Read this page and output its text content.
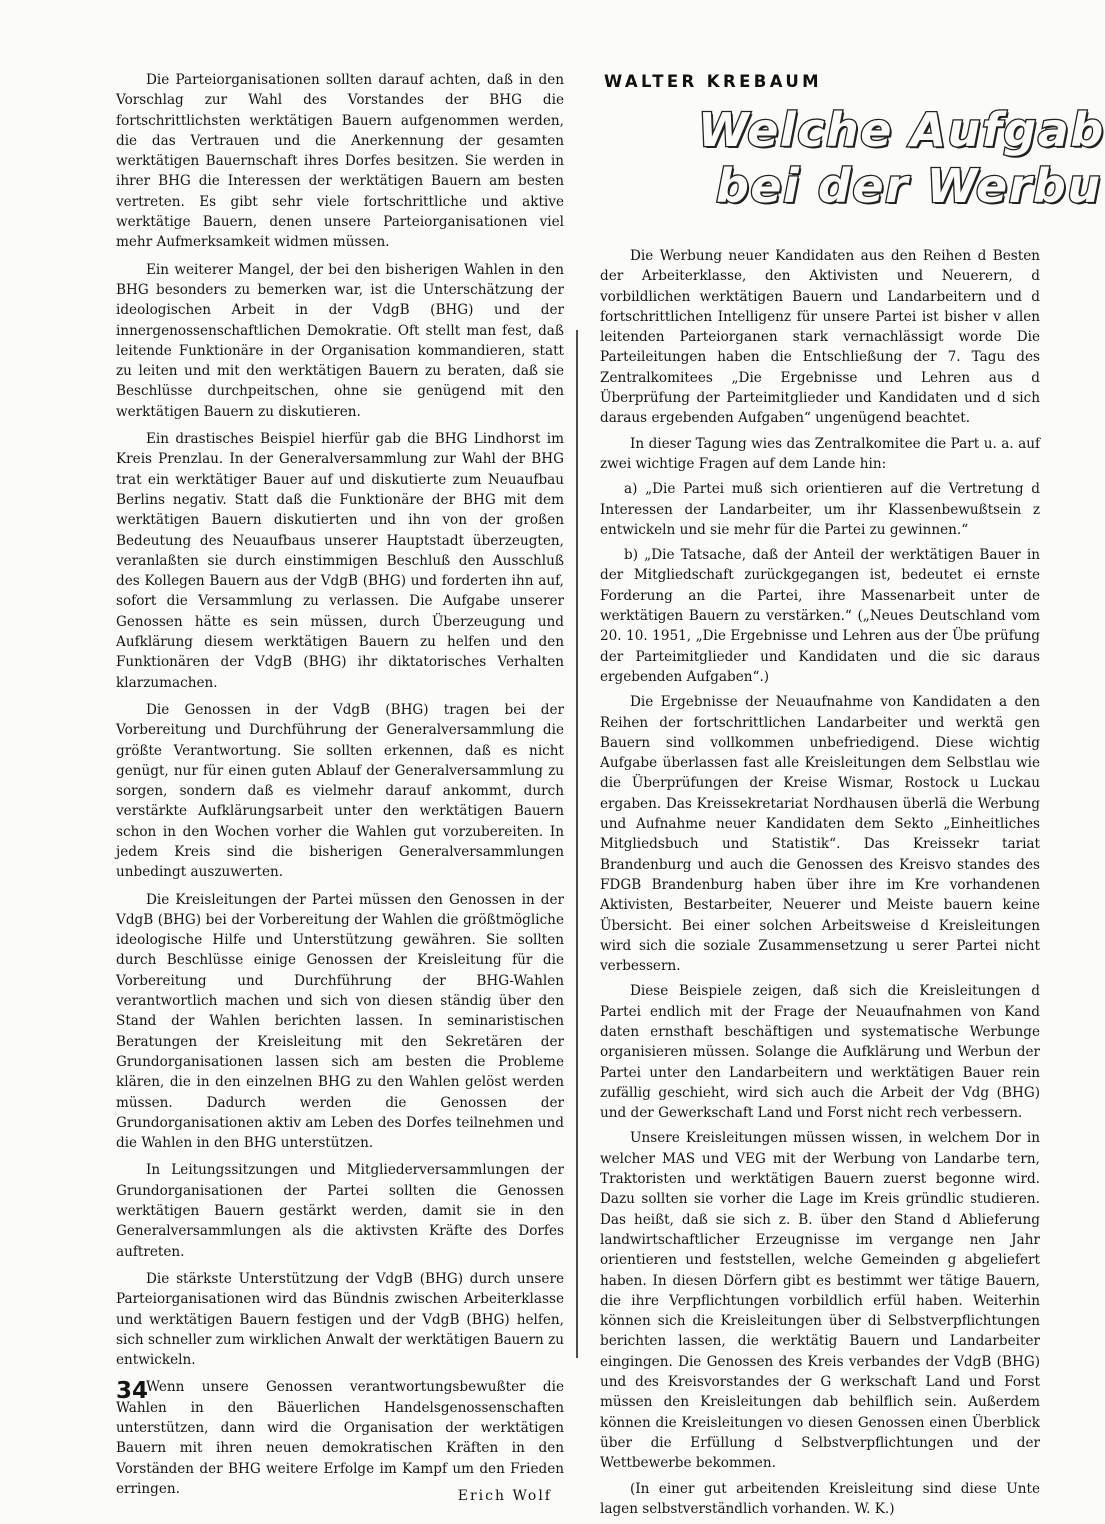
Die Parteiorganisationen sollten darauf achten, daß in den Vorschlag zur Wahl des Vorstandes der BHG die fortschrittlichsten werktätigen Bauern aufgenommen werden, die das Vertrauen und die Anerkennung der gesamten werktätigen Bauernschaft ihres Dorfes besitzen. Sie werden in ihrer BHG die Interessen der werktätigen Bauern am besten vertreten. Es gibt sehr viele fortschrittliche und aktive werktätige Bauern, denen unsere Parteiorganisationen viel mehr Aufmerksamkeit widmen müssen.

Ein weiterer Mangel, der bei den bisherigen Wahlen in den BHG besonders zu bemerken war, ist die Unterschätzung der ideologischen Arbeit in der VdgB (BHG) und der innergenossenschaftlichen Demokratie. Oft stellt man fest, daß leitende Funktionäre in der Organisation kommandieren, statt zu leiten und mit den werktätigen Bauern zu beraten, daß sie Beschlüsse durchpeitschen, ohne sie genügend mit den werktätigen Bauern zu diskutieren.

Ein drastisches Beispiel hierfür gab die BHG Lindhorst im Kreis Prenzlau. In der Generalversammlung zur Wahl der BHG trat ein werktätiger Bauer auf und diskutierte zum Neuaufbau Berlins negativ. Statt daß die Funktionäre der BHG mit dem werktätigen Bauern diskutierten und ihn von der großen Bedeutung des Neuaufbaus unserer Hauptstadt überzeugten, veranlaßten sie durch einstimmigen Beschluß den Ausschluß des Kollegen Bauern aus der VdgB (BHG) und forderten ihn auf, sofort die Versammlung zu verlassen. Die Aufgabe unserer Genossen hätte es sein müssen, durch Überzeugung und Aufklärung diesem werktätigen Bauern zu helfen und den Funktionären der VdgB (BHG) ihr diktatorisches Verhalten klarzumachen.

Die Genossen in der VdgB (BHG) tragen bei der Vorbereitung und Durchführung der Generalversammlung die größte Verantwortung. Sie sollten erkennen, daß es nicht genügt, nur für einen guten Ablauf der Generalversammlung zu sorgen, sondern daß es vielmehr darauf ankommt, durch verstärkte Aufklärungsarbeit unter den werktätigen Bauern schon in den Wochen vorher die Wahlen gut vorzubereiten. In jedem Kreis sind die bisherigen Generalversammlungen unbedingt auszuwerten.

Die Kreisleitungen der Partei müssen den Genossen in der VdgB (BHG) bei der Vorbereitung der Wahlen die größtmögliche ideologische Hilfe und Unterstützung gewähren. Sie sollten durch Beschlüsse einige Genossen der Kreisleitung für die Vorbereitung und Durchführung der BHG-Wahlen verantwortlich machen und sich von diesen ständig über den Stand der Wahlen berichten lassen. In seminaristischen Beratungen der Kreisleitung mit den Sekretären der Grundorganisationen lassen sich am besten die Probleme klären, die in den einzelnen BHG zu den Wahlen gelöst werden müssen. Dadurch werden die Genossen der Grundorganisationen aktiv am Leben des Dorfes teilnehmen und die Wahlen in den BHG unterstützen.

In Leitungssitzungen und Mitgliederversammlungen der Grundorganisationen der Partei sollten die Genossen werktätigen Bauern gestärkt werden, damit sie in den Generalversammlungen als die aktivsten Kräfte des Dorfes auftreten.

Die stärkste Unterstützung der VdgB (BHG) durch unsere Parteiorganisationen wird das Bündnis zwischen Arbeiterklasse und werktätigen Bauern festigen und der VdgB (BHG) helfen, sich schneller zum wirklichen Anwalt der werktätigen Bauern zu entwickeln.

Wenn unsere Genossen verantwortungsbewußter die Wahlen in den Bäuerlichen Handelsgenossenschaften unterstützen, dann wird die Organisation der werktätigen Bauern mit ihren neuen demokratischen Kräften in den Vorständen der BHG weitere Erfolge im Kampf um den Frieden erringen.	Erich Wolf
WALTER KREBAUM
Welche Aufgab
bei der Werbu

Die Werbung neuer Kandidaten aus den Reihen d Besten der Arbeiterklasse, den Aktivisten und Neuerern, d vorbildlichen werktätigen Bauern und Landarbeitern und d fortschrittlichen Intelligenz für unsere Partei ist bisher v allen leitenden Parteiorganen stark vernachlässigt worde Die Parteileitungen haben die Entschließung der 7. Tagu des Zentralkomitees „Die Ergebnisse und Lehren aus d Überprüfung der Parteimitglieder und Kandidaten und d sich daraus ergebenden Aufgaben“ ungenügend beachtet.

In dieser Tagung wies das Zentralkomitee die Part u. a. auf zwei wichtige Fragen auf dem Lande hin:

a) „Die Partei muß sich orientieren auf die Vertretung d Interessen der Landarbeiter, um ihr Klassenbewußtsein z entwickeln und sie mehr für die Partei zu gewinnen.“

b) „Die Tatsache, daß der Anteil der werktätigen Bauer in der Mitgliedschaft zurückgegangen ist, bedeutet ei ernste Forderung an die Partei, ihre Massenarbeit unter de werktätigen Bauern zu verstärken.“ („Neues Deutschland vom 20. 10. 1951, „Die Ergebnisse und Lehren aus der Übe prüfung der Parteimitglieder und Kandidaten und die sic daraus ergebenden Aufgaben“.)

Die Ergebnisse der Neuaufnahme von Kandidaten a den Reihen der fortschrittlichen Landarbeiter und werktä gen Bauern sind vollkommen unbefriedigend. Diese wichtig Aufgabe überlassen fast alle Kreisleitungen dem Selbstlau wie die Überprüfungen der Kreise Wismar, Rostock u Luckau ergaben. Das Kreissekretariat Nordhausen überlä die Werbung und Aufnahme neuer Kandidaten dem Sekto „Einheitliches Mitgliedsbuch und Statistik“. Das Kreissekr tariat Brandenburg und auch die Genossen des Kreisvo standes des FDGB Brandenburg haben über ihre im Kre vorhandenen Aktivisten, Bestarbeiter, Neuerer und Meiste bauern keine Übersicht. Bei einer solchen Arbeitsweise d Kreisleitungen wird sich die soziale Zusammensetzung u serer Partei nicht verbessern.

Diese Beispiele zeigen, daß sich die Kreisleitungen d Partei endlich mit der Frage der Neuaufnahmen von Kand daten ernsthaft beschäftigen und systematische Werbunge organisieren müssen. Solange die Aufklärung und Werbun der Partei unter den Landarbeitern und werktätigen Bauer rein zufällig geschieht, wird sich auch die Arbeit der Vdg (BHG) und der Gewerkschaft Land und Forst nicht rech verbessern.

Unsere Kreisleitungen müssen wissen, in welchem Dor in welcher MAS und VEG mit der Werbung von Landarbe tern, Traktoristen und werktätigen Bauern zuerst begonne wird. Dazu sollten sie vorher die Lage im Kreis gründlic studieren. Das heißt, daß sie sich z. B. über den Stand d Ablieferung landwirtschaftlicher Erzeugnisse im vergange nen Jahr orientieren und feststellen, welche Gemeinden g abgeliefert haben. In diesen Dörfern gibt es bestimmt wer tätige Bauern, die ihre Verpflichtungen vorbildlich erfül haben. Weiterhin können sich die Kreisleitungen über di Selbstverpflichtungen berichten lassen, die werktätig Bauern und Landarbeiter eingingen. Die Genossen des Kreis verbandes der VdgB (BHG) und des Kreisvorstandes der G werkschaft Land und Forst müssen den Kreisleitungen dab behilflich sein. Außerdem können die Kreisleitungen vo diesen Genossen einen Überblick über die Erfüllung d Selbstverpflichtungen und der Wettbewerbe bekommen.

(In einer gut arbeitenden Kreisleitung sind diese Unte lagen selbstverständlich vorhanden. W. K.)

34
